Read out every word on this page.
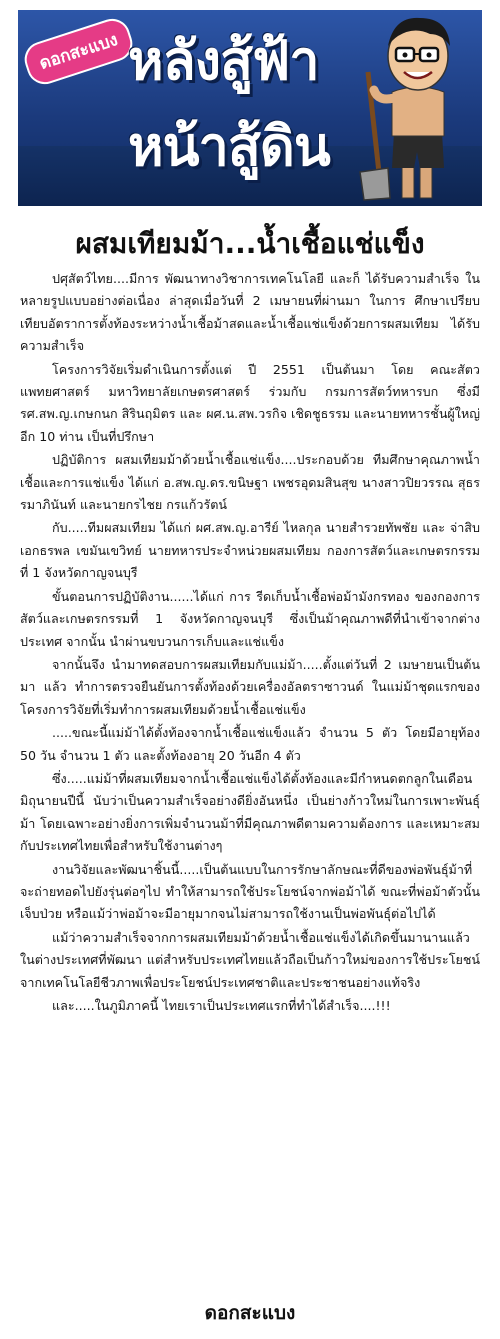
ดอกสะแบง หลังสู้ฟ้า
หน้าสู้ดิน
ผสมเทียมม้า...น้ำเชื้อแช่แข็ง

ปศุสัตว์ไทย....มีการ พัฒนาทางวิชาการเทคโนโลยี และก็ ได้รับความสำเร็จ ในหลายรูปแบบอย่างต่อเนื่อง ล่าสุดเมื่อวันที่ 2 เมษายนที่ผ่านมา ในการ ศึกษาเปรียบเทียบอัตราการตั้งท้องระหว่างน้ำเชื้อม้าสดและน้ำเชื้อแช่แข็งด้วยการผสมเทียม ได้รับความสำเร็จ

โครงการวิจัยเริ่มดำเนินการตั้งแต่ ปี 2551 เป็นต้นมา โดย คณะสัตวแพทยศาสตร์ มหาวิทยาลัยเกษตรศาสตร์ ร่วมกับ กรมการสัตว์ทหารบก ซึ่งมี รศ.สพ.ญ.เกษกนก สิรินฤมิตร และ ผศ.น.สพ.วรกิจ เชิดชูธรรม และนายทหารชั้นผู้ใหญ่อีก 10 ท่าน เป็นที่ปรึกษา

ปฏิบัติการ ผสมเทียมม้าด้วยน้ำเชื้อแช่แข็ง....ประกอบด้วย ทีมศึกษาคุณภาพน้ำเชื้อและการแช่แข็ง ได้แก่ อ.สพ.ญ.ดร.ขนิษฐา เพชรอุดมสินสุข นางสาวปิยวรรณ สุธรรมาภินันท์ และนายกรไชย กรแก้วรัตน์

กับ.....ทีมผสมเทียม ได้แก่ ผศ.สพ.ญ.อารีย์ ไหลกุล นายสำรวยทัพชัย และ จ่าสิบเอกธรพล เขมันเขวิทย์ นายทหารประจำหน่วยผสมเทียม กองการสัตว์และเกษตรกรรมที่ 1 จังหวัดกาญจนบุรี

ขั้นตอนการปฏิบัติงาน......ได้แก่ การ รีดเก็บน้ำเชื้อพ่อม้ามังกรทอง ของกองการสัตว์และเกษตรกรรมที่ 1 จังหวัดกาญจนบุรี ซึ่งเป็นม้าคุณภาพดีที่นำเข้าจากต่างประเทศ จากนั้น นำผ่านขบวนการเก็บและแช่แข็ง

จากนั้นจึง นำมาทดสอบการผสมเทียมกับแม่ม้า.....ตั้งแต่วันที่ 2 เมษายนเป็นต้นมา แล้ว ทำการตรวจยืนยันการตั้งท้องด้วยเครื่องอัลตราซาวนด์ ในแม่ม้าชุดแรกของโครงการวิจัยที่เริ่มทำการผสมเทียมด้วยน้ำเชื้อแช่แข็ง

.....ขณะนี้แม่ม้าได้ตั้งท้องจากน้ำเชื้อแช่แข็งแล้ว จำนวน 5 ตัว โดยมีอายุท้อง 50 วัน จำนวน 1 ตัว และตั้งท้องอายุ 20 วันอีก 4 ตัว

ซึ่ง.....แม่ม้าที่ผสมเทียมจากน้ำเชื้อแช่แข็งได้ตั้งท้องและมีกำหนดตกลูกในเดือนมิถุนายนปีนี้ นับว่าเป็นความสำเร็จอย่างดียิ่งอันหนึ่ง เป็นย่างก้าวใหม่ในการเพาะพันธุ์ม้า โดยเฉพาะอย่างยิ่งการเพิ่มจำนวนม้าที่มีคุณภาพดีตามความต้องการ และเหมาะสมกับประเทศไทยเพื่อสำหรับใช้งานต่างๆ

งานวิจัยและพัฒนาชิ้นนี้.....เป็นต้นแบบในการรักษาลักษณะที่ดีของพ่อพันธุ์ม้าที่จะถ่ายทอดไปยังรุ่นต่อๆไป ทำให้สามารถใช้ประโยชน์จากพ่อม้าได้ ขณะที่พ่อม้าตัวนั้นเจ็บป่วย หรือแม้ว่าพ่อม้าจะมีอายุมากจนไม่สามารถใช้งานเป็นพ่อพันธุ์ต่อไปได้

แม้ว่าความสำเร็จจากการผสมเทียมม้าด้วยน้ำเชื้อแช่แข็งได้เกิดขึ้นมานานแล้วในต่างประเทศที่พัฒนา แต่สำหรับประเทศไทยแล้วถือเป็นก้าวใหม่ของการใช้ประโยชน์จากเทคโนโลยีชีวภาพเพื่อประโยชน์ประเทศชาติและประชาชนอย่างแท้จริง

และ.....ในภูมิภาคนี้ ไทยเราเป็นประเทศแรกที่ทำได้สำเร็จ....!!!

ดอกสะแบง
